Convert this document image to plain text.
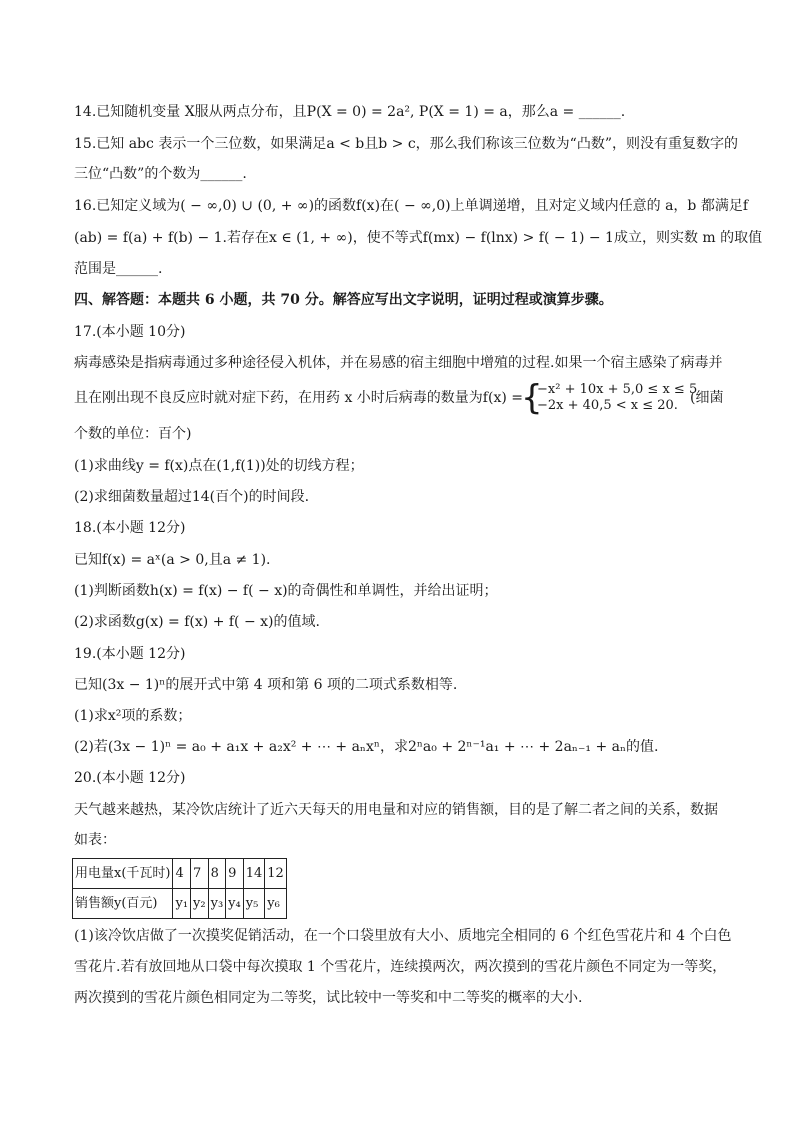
14.已知随机变量 X服从两点分布，且P(X = 0) = 2a², P(X = 1) = a，那么a = ______.
15.已知 abc 表示一个三位数，如果满足a < b且b > c，那么我们称该三位数为“凸数”，则没有重复数字的
三位“凸数”的个数为______.
16.已知定义域为( − ∞,0) ∪ (0, + ∞)的函数f(x)在( − ∞,0)上单调递增，且对定义域内任意的 a，b 都满足f
(ab) = f(a) + f(b) − 1.若存在x ∈ (1, + ∞)，使不等式f(mx) − f(lnx) > f( − 1) − 1成立，则实数 m 的取值
范围是______.
四、解答题：本题共 6 小题，共 70 分。解答应写出文字说明，证明过程或演算步骤。
17.(本小题 10分)
病毒感染是指病毒通过多种途径侵入机体，并在易感的宿主细胞中增殖的过程.如果一个宿主感染了病毒并
且在刚出现不良反应时就对症下药，在用药 x 小时后病毒的数量为f(x) =
{
−x² + 10x + 5,0 ≤ x ≤ 5
−2x + 40,5 < x ≤ 20. (细菌
个数的单位：百个)
(1)求曲线y = f(x)点在(1,f(1))处的切线方程；
(2)求细菌数量超过14(百个)的时间段.
18.(本小题 12分)
已知f(x) = aˣ(a > 0,且a ≠ 1).
(1)判断函数h(x) = f(x) − f( − x)的奇偶性和单调性，并给出证明；
(2)求函数g(x) = f(x) + f( − x)的值域.
19.(本小题 12分)
已知(3x − 1)ⁿ的展开式中第 4 项和第 6 项的二项式系数相等.
(1)求x²项的系数；
(2)若(3x − 1)ⁿ = a₀ + a₁x + a₂x² + ⋯ + aₙxⁿ，求2ⁿa₀ + 2ⁿ⁻¹a₁ + ⋯ + 2aₙ₋₁ + aₙ的值.
20.(本小题 12分)
天气越来越热，某冷饮店统计了近六天每天的用电量和对应的销售额，目的是了解二者之间的关系，数据
如表：
用电量x(千瓦时)	4	7	8	9	14	12
销售额y(百元)	y₁	y₂	y₃	y₄	y₅	y₆
(1)该冷饮店做了一次摸奖促销活动，在一个口袋里放有大小、质地完全相同的 6 个红色雪花片和 4 个白色
雪花片.若有放回地从口袋中每次摸取 1 个雪花片，连续摸两次，两次摸到的雪花片颜色不同定为一等奖，
两次摸到的雪花片颜色相同定为二等奖，试比较中一等奖和中二等奖的概率的大小.
